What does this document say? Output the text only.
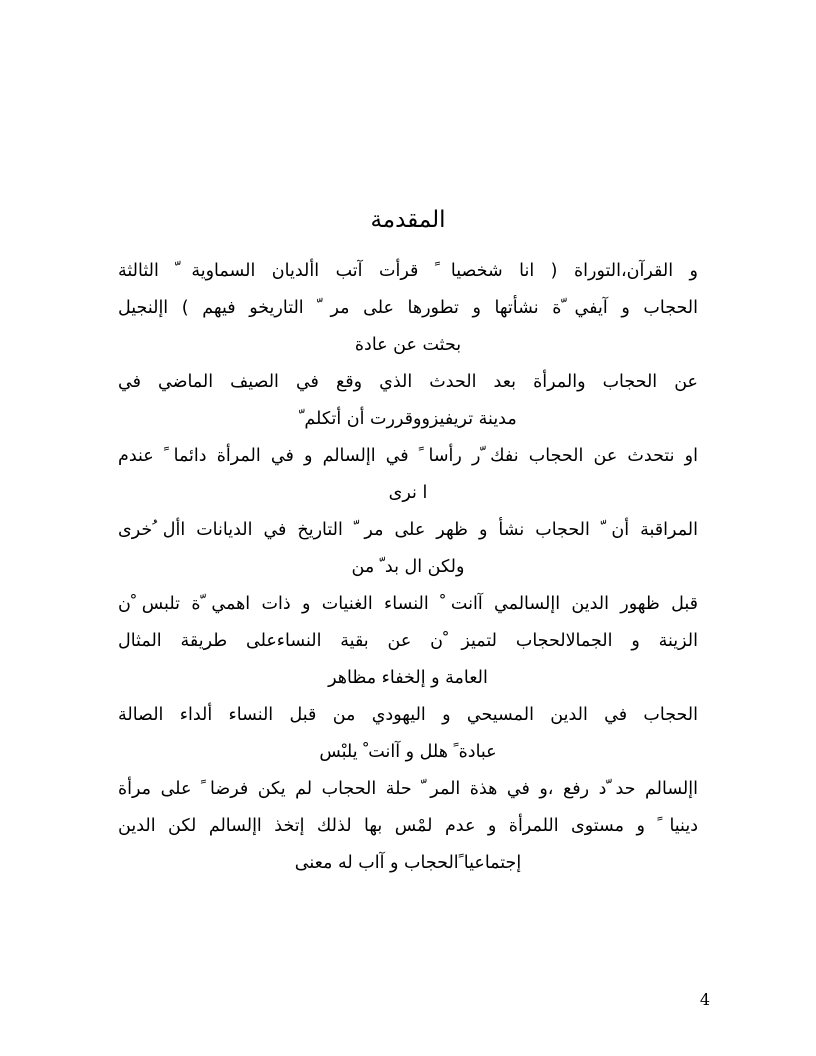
المقدمة
و القرآن،التوراة ( انا شخصيا ً قرأت آتب األديان السماوية ّ الثالثة
الحجاب و آيفي ّة نشأتها و تطورها على مر ّ التاريخو فيهم ) اإلنجيل
بحثت عن عادة
عن الحجاب والمرأة بعد الحدث الذي وقع في الصيف الماضي في
مدينة تريفيزووقررت أن أتكلم ّ
او نتحدث عن الحجاب نفك ّر رأسا ً في اإلسالم و في المرأة دائما ً عندم
ا نرى
المراقبة أن ّ الحجاب نشأ و ظهر على مر ّ التاريخ في الديانات األ ُخرى
ولكن ال بد ّ من
قبل ظهور الدين اإلسالمي آانت ْ النساء الغنيات و ذات اهمي ّة تلبس ْن
الزينة و الجمالالحجاب لتميز ْن عن بقية النساءعلى طريقة المثال
العامة و إلخفاء مظاهر
الحجاب في الدين المسيحي و اليهودي من قبل النساء ألداء الصالة
عبادة ً هلل و آانت ْ يلبْس
اإلسالم حد ّد رفع ،و في هذة المر ّ حلة الحجاب لم يكن فرضا ً على مرأة
دينيا ً و مستوى اللمرأة و عدم لمْس بها لذلك إتخذ اإلسالم لكن الدين
إجتماعيا ًالحجاب و آاب له معنى
4
